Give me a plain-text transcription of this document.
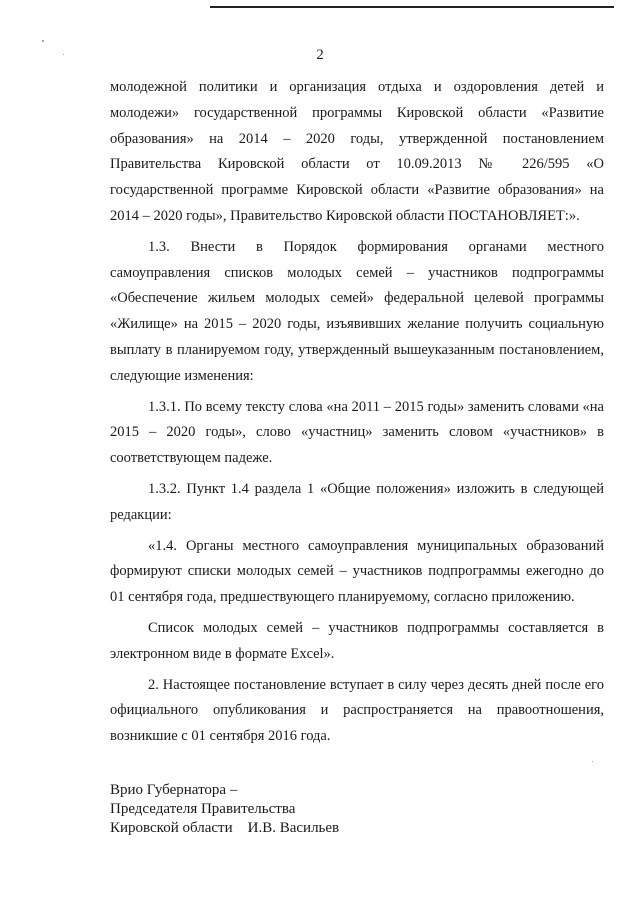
2

молодежной политики и организация отдыха и оздоровления детей и молодежи» государственной программы Кировской области «Развитие образования» на 2014 – 2020 годы, утвержденной постановлением Правительства Кировской области от 10.09.2013 № 226/595 «О государственной программе Кировской области «Развитие образования» на 2014 – 2020 годы», Правительство Кировской области ПОСТАНОВЛЯЕТ:».

1.3. Внести в Порядок формирования органами местного самоуправления списков молодых семей – участников подпрограммы «Обеспечение жильем молодых семей» федеральной целевой программы «Жилище» на 2015 – 2020 годы, изъявивших желание получить социальную выплату в планируемом году, утвержденный вышеуказанным постановлением, следующие изменения:

1.3.1. По всему тексту слова «на 2011 – 2015 годы» заменить словами «на 2015 – 2020 годы», слово «участниц» заменить словом «участников» в соответствующем падеже.

1.3.2. Пункт 1.4 раздела 1 «Общие положения» изложить в следующей редакции:

«1.4. Органы местного самоуправления муниципальных образований формируют списки молодых семей – участников подпрограммы ежегодно до 01 сентября года, предшествующего планируемому, согласно приложению.

Список молодых семей – участников подпрограммы составляется в электронном виде в формате Excel».

2. Настоящее постановление вступает в силу через десять дней после его официального опубликования и распространяется на правоотношения, возникшие с 01 сентября 2016 года.

Врио Губернатора –
Председателя Правительства
Кировской области    И.В. Васильев
